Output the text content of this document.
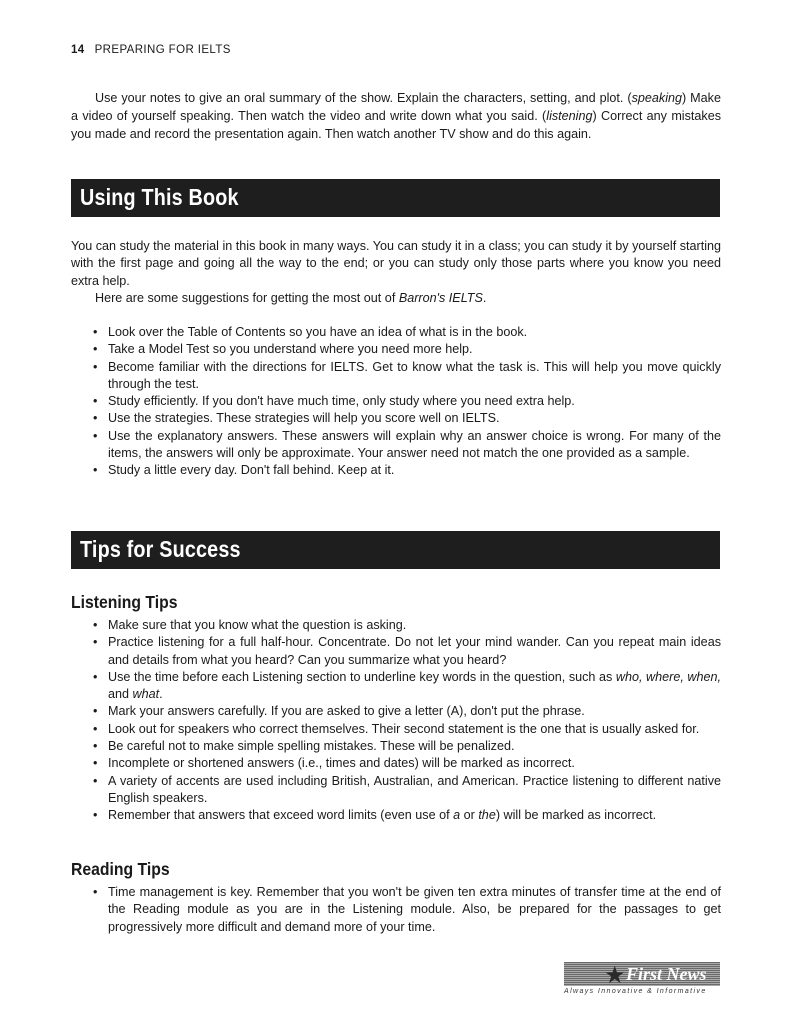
14 PREPARING FOR IELTS

Use your notes to give an oral summary of the show. Explain the characters, setting, and plot. (speaking) Make a video of yourself speaking. Then watch the video and write down what you said. (listening) Correct any mistakes you made and record the presentation again. Then watch another TV show and do this again.

Using This Book

You can study the material in this book in many ways. You can study it in a class; you can study it by yourself starting with the first page and going all the way to the end; or you can study only those parts where you know you need extra help.

Here are some suggestions for getting the most out of Barron's IELTS.

• Look over the Table of Contents so you have an idea of what is in the book.
• Take a Model Test so you understand where you need more help.
• Become familiar with the directions for IELTS. Get to know what the task is. This will help you move quickly through the test.
• Study efficiently. If you don't have much time, only study where you need extra help.
• Use the strategies. These strategies will help you score well on IELTS.
• Use the explanatory answers. These answers will explain why an answer choice is wrong. For many of the items, the answers will only be approximate. Your answer need not match the one provided as a sample.
• Study a little every day. Don't fall behind. Keep at it.
Tips for Success
Listening Tips
• Make sure that you know what the question is asking.
• Practice listening for a full half-hour. Concentrate. Do not let your mind wander. Can you repeat main ideas and details from what you heard? Can you summarize what you heard?
• Use the time before each Listening section to underline key words in the question, such as who, where, when, and what.
• Mark your answers carefully. If you are asked to give a letter (A), don't put the phrase.
• Look out for speakers who correct themselves. Their second statement is the one that is usually asked for.
• Be careful not to make simple spelling mistakes. These will be penalized.
• Incomplete or shortened answers (i.e., times and dates) will be marked as incorrect.
• A variety of accents are used including British, Australian, and American. Practice listening to different native English speakers.
• Remember that answers that exceed word limits (even use of a or the) will be marked as incorrect.
Reading Tips
• Time management is key. Remember that you won't be given ten extra minutes of transfer time at the end of the Reading module as you are in the Listening module. Also, be prepared for the passages to get progressively more difficult and demand more of your time.
★ First News
Always Innovative & Informative
